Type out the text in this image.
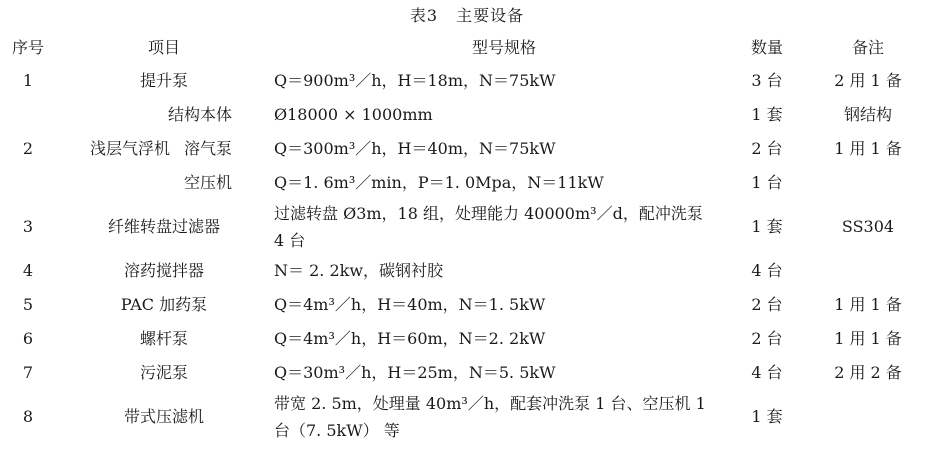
表3 主要设备
序号	项目	型号规格	数量	备注
1	提升泵	Q＝900m³／h，H＝18m，N＝75kW	3 台	2 用 1 备

	结构本体	Ø18000 × 1000mm	1 套	钢结构
2	浅层气浮机 溶气泵	Q＝300m³／h，H＝40m，N＝75kW	2 台	1 用 1 备

	空压机	Q＝1. 6m³／min，P＝1. 0Mpa，N＝11kW	1 台	
3	纤维转盘过滤器	过滤转盘 Ø3m，18 组，处理能力 40000m³／d，配冲洗泵 4 台	1 套	SS304
4	溶药搅拌器	N＝ 2. 2kw，碳钢衬胶	4 台	
5	PAC 加药泵	Q＝4m³／h，H＝40m，N＝1. 5kW	2 台	1 用 1 备
6	螺杆泵	Q＝4m³／h，H＝60m，N＝2. 2kW	2 台	1 用 1 备
7	污泥泵	Q＝30m³／h，H＝25m，N＝5. 5kW	4 台	2 用 2 备
8	带式压滤机	带宽 2. 5m，处理量 40m³／h，配套冲洗泵 1 台、空压机 1 台（7. 5kW） 等	1 套	
